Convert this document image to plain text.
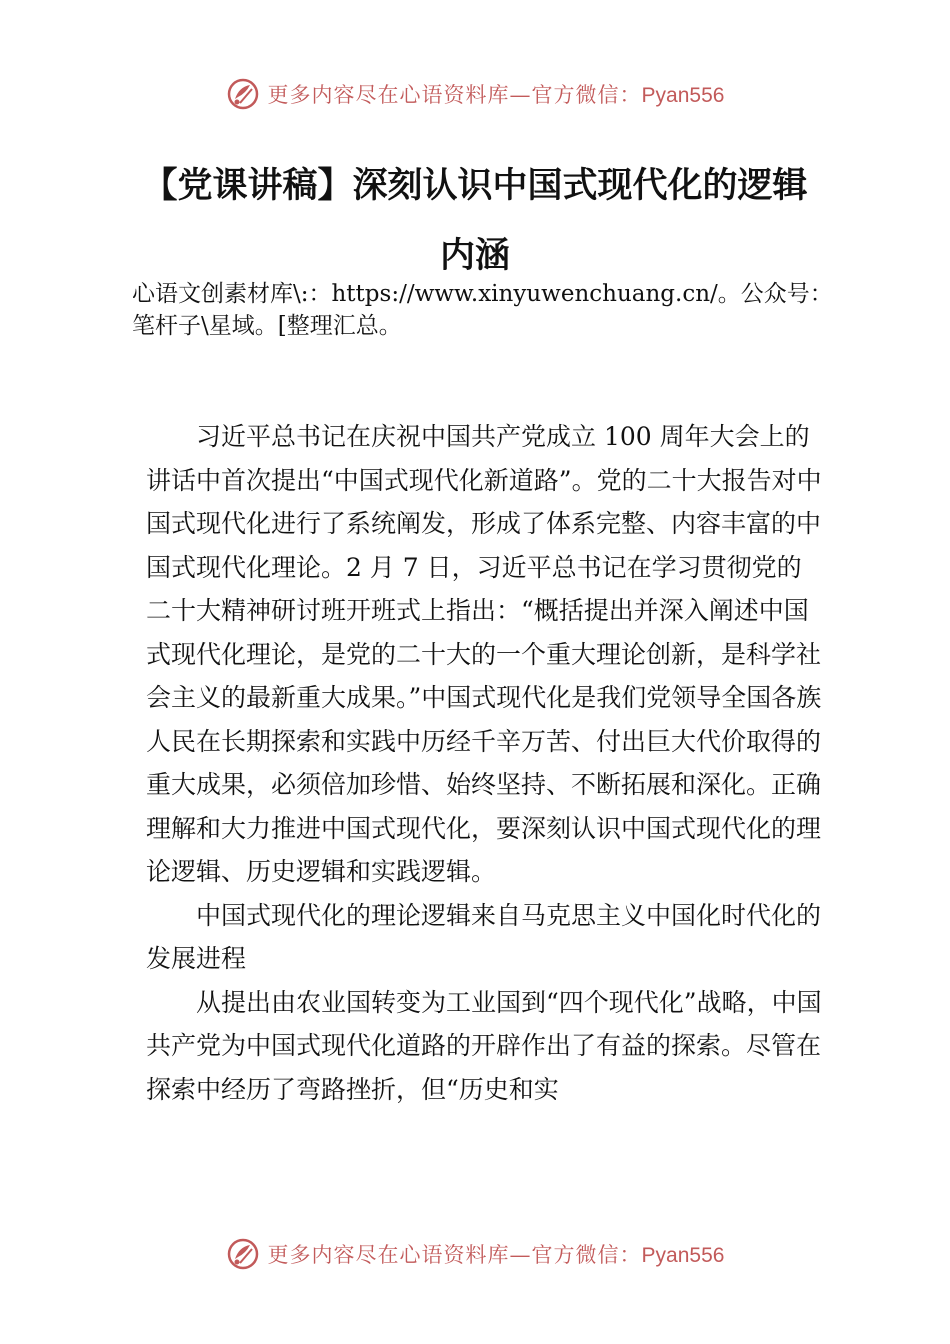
更多内容尽在心语资料库—官方微信：Pyan556
【党课讲稿】深刻认识中国式现代化的逻辑
内涵
心语文创素材库\:：https://www.xinyuwenchuang.cn/。公众号：笔杆子\星域。[整理汇总。

习近平总书记在庆祝中国共产党成立 100 周年大会上的讲话中首次提出“中国式现代化新道路”。党的二十大报告对中国式现代化进行了系统阐发，形成了体系完整、内容丰富的中国式现代化理论。2 月 7 日，习近平总书记在学习贯彻党的二十大精神研讨班开班式上指出：“概括提出并深入阐述中国式现代化理论，是党的二十大的一个重大理论创新，是科学社会主义的最新重大成果。”中国式现代化是我们党领导全国各族人民在长期探索和实践中历经千辛万苦、付出巨大代价取得的重大成果，必须倍加珍惜、始终坚持、不断拓展和深化。正确理解和大力推进中国式现代化，要深刻认识中国式现代化的理论逻辑、历史逻辑和实践逻辑。

中国式现代化的理论逻辑来自马克思主义中国化时代化的发展进程

从提出由农业国转变为工业国到“四个现代化”战略，中国共产党为中国式现代化道路的开辟作出了有益的探索。尽管在探索中经历了弯路挫折，但“历史和实

更多内容尽在心语资料库—官方微信：Pyan556
